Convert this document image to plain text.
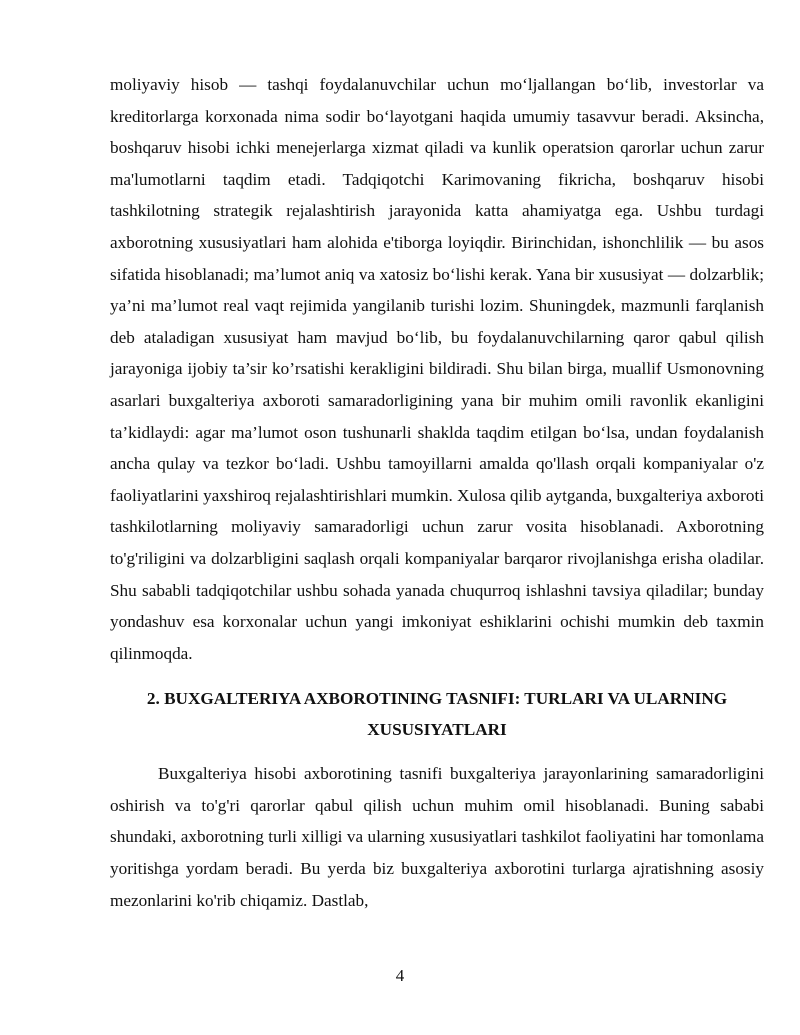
moliyaviy hisob — tashqi foydalanuvchilar uchun mo‘ljallangan bo‘lib, investorlar va kreditorlarga korxonada nima sodir bo‘layotgani haqida umumiy tasavvur beradi. Aksincha, boshqaruv hisobi ichki menejerlarga xizmat qiladi va kunlik operatsion qarorlar uchun zarur ma'lumotlarni taqdim etadi. Tadqiqotchi Karimovaning fikricha, boshqaruv hisobi tashkilotning strategik rejalashtirish jarayonida katta ahamiyatga ega. Ushbu turdagi axborotning xususiyatlari ham alohida e'tiborga loyiqdir. Birinchidan, ishonchlilik — bu asos sifatida hisoblanadi; ma’lumot aniq va xatosiz bo‘lishi kerak. Yana bir xususiyat — dolzarblik; ya’ni ma’lumot real vaqt rejimida yangilanib turishi lozim. Shuningdek, mazmunli farqlanish deb ataladigan xususiyat ham mavjud bo‘lib, bu foydalanuvchilarning qaror qabul qilish jarayoniga ijobiy ta’sir ko’rsatishi kerakligini bildiradi. Shu bilan birga, muallif Usmonovning asarlari buxgalteriya axboroti samaradorligining yana bir muhim omili ravonlik ekanligini ta’kidlaydi: agar ma’lumot oson tushunarli shaklda taqdim etilgan bo‘lsa, undan foydalanish ancha qulay va tezkor bo‘ladi. Ushbu tamoyillarni amalda qo'llash orqali kompaniyalar o'z faoliyatlarini yaxshiroq rejalashtirishlari mumkin. Xulosa qilib aytganda, buxgalteriya axboroti tashkilotlarning moliyaviy samaradorligi uchun zarur vosita hisoblanadi. Axborotning to'g'riligini va dolzarbligini saqlash orqali kompaniyalar barqaror rivojlanishga erisha oladilar. Shu sababli tadqiqotchilar ushbu sohada yanada chuqurroq ishlashni tavsiya qiladilar; bunday yondashuv esa korxonalar uchun yangi imkoniyat eshiklarini ochishi mumkin deb taxmin qilinmoqda.

2. BUXGALTERIYA AXBOROTINING TASNIFI: TURLARI VA ULARNING
XUSUSIYATLARI

Buxgalteriya hisobi axborotining tasnifi buxgalteriya jarayonlarining samaradorligini oshirish va to'g'ri qarorlar qabul qilish uchun muhim omil hisoblanadi. Buning sababi shundaki, axborotning turli xilligi va ularning xususiyatlari tashkilot faoliyatini har tomonlama yoritishga yordam beradi. Bu yerda biz buxgalteriya axborotini turlarga ajratishning asosiy mezonlarini ko'rib chiqamiz. Dastlab,

4
